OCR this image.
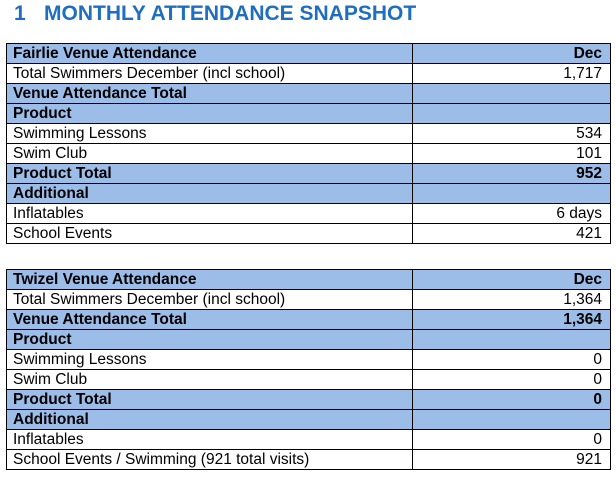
1 MONTHLY ATTENDANCE SNAPSHOT
Fairlie Venue Attendance	Dec
Total Swimmers December (incl school)	1,717
Venue Attendance Total	
Product	
Swimming Lessons	534
Swim Club	101
Product Total	952
Additional	
Inflatables	6 days
School Events	421
Twizel Venue Attendance	Dec
Total Swimmers December (incl school)	1,364
Venue Attendance Total	1,364
Product	
Swimming Lessons	0
Swim Club	0
Product Total	0
Additional	
Inflatables	0
School Events / Swimming (921 total visits)	921
